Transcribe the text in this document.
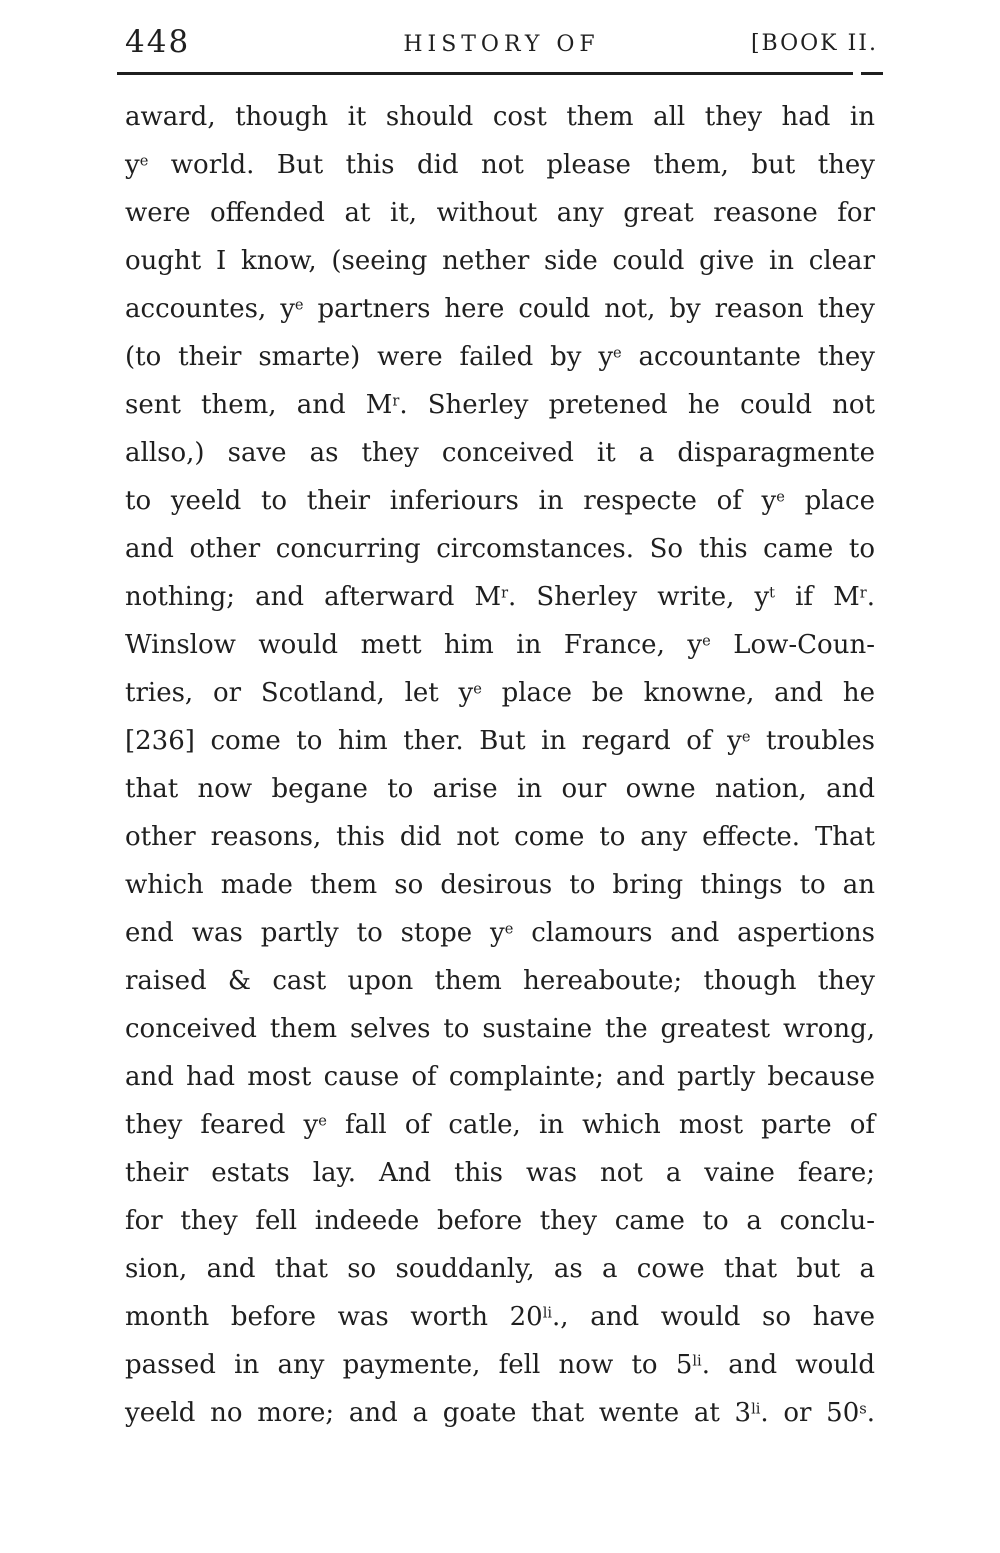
448	HISTORY OF	[BOOK II.
award, though it should cost them all they had in
$y^e$ world. But this did not please them, but they
were offended at it, without any great reasone for
ought I know, (seeing nether side could give in clear
accountes, $y^e$ partners here could not, by reason they
(to their smarte) were failed by $y^e$ accountante they
sent them, and $M^r$. Sherley pretened he could not
allso,) save as they conceived it a disparagmente
to yeeld to their inferiours in respecte of $y^e$ place
and other concurring circomstances. So this came to
nothing; and afterward $M^r$. Sherley write, $y^t$ if $M^r$.
Winslow would mett him in France, $y^e$ Low-Coun-
tries, or Scotland, let $y^e$ place be knowne, and he
[236] come to him ther. But in regard of $y^e$ troubles
that now begane to arise in our owne nation, and
other reasons, this did not come to any effecte. That
which made them so desirous to bring things to an
end was partly to stope $y^e$ clamours and aspertions
raised & cast upon them hereaboute; though they
conceived them selves to sustaine the greatest wrong,
and had most cause of complainte; and partly because
they feared $y^e$ fall of catle, in which most parte of
their estats lay. And this was not a vaine feare;
for they fell indeede before they came to a conclu-
sion, and that so souddanly, as a cowe that but a
month before was worth $20^{li}$., and would so have
passed in any paymente, fell now to $5^{li}$. and would
yeeld no more; and a goate that wente at $3^{li}$. or 50$^s$.
